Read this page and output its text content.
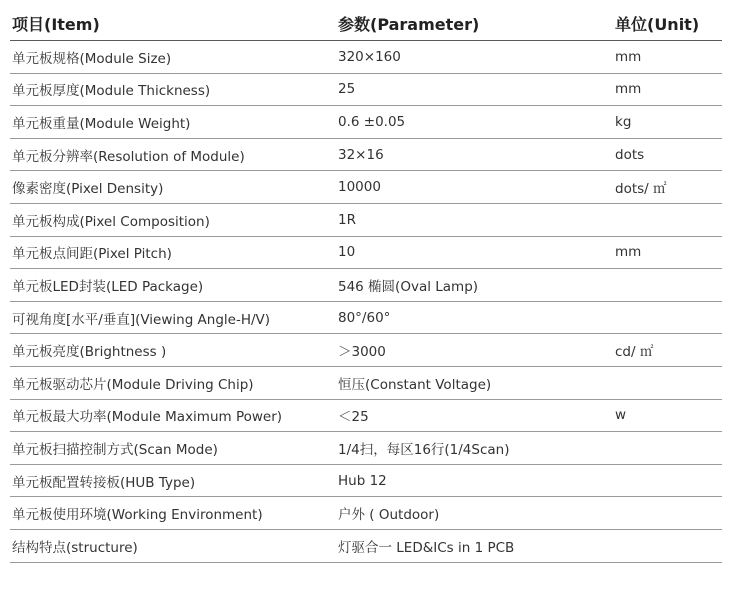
项目(Item)	参数(Parameter)	单位(Unit)
单元板规格(Module Size)	320×160	mm
单元板厚度(Module Thickness)	25	mm
单元板重量(Module Weight)	0.6 ±0.05	kg
单元板分辨率(Resolution of Module)	32×16	dots
像素密度(Pixel Density)	10000	dots/ ㎡
单元板构成(Pixel Composition)	1R
单元板点间距(Pixel Pitch)	10	mm
单元板LED封装(LED Package)	546 椭圆(Oval Lamp)
可视角度[水平/垂直](Viewing Angle-H/V)	80°/60°
单元板亮度(Brightness )	＞3000	cd/ ㎡
单元板驱动芯片(Module Driving Chip)	恒压(Constant Voltage)
单元板最大功率(Module Maximum Power)	＜25	w
单元板扫描控制方式(Scan Mode)	1/4扫，每区16行(1/4Scan)
单元板配置转接板(HUB Type)	Hub 12
单元板使用环境(Working Environment)	户外 ( Outdoor)
结构特点(structure)	灯驱合一 LED&ICs in 1 PCB
